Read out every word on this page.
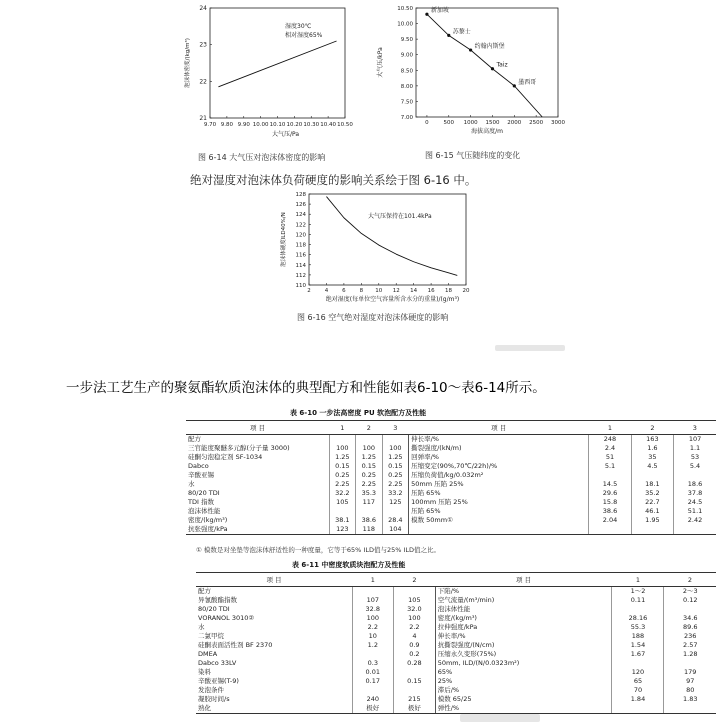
9.70 9.80 9.90 10.00 10.10 10.20 10.30 10.40 10.50
21
22
23
24
湿度30℃
相对湿度65%
大气压/Pa
泡沫体密度/(kg/m³)
图 6-14 大气压对泡沫体密度的影响
0	500 1000 1500 2000 2500 3000
7.00
7.50
8.00
8.50
9.00
9.50
10.00
10.50	新加坡
苏黎士
约翰内斯堡
Taiz
墨西哥
海拔高度/m
大气压/kPa
图 6-15 气压随纬度的变化
绝对湿度对泡沫体负荷硬度的影响关系绘于图 6-16 中。
2	4	6	8 10 12 14 16 18 20
110
112
114
116
118
120
122
124
126
128
大气压保持在101.4kPa
绝对湿度(每单位空气容量所含水分的重量)/(g/m³)
泡沫体硬度ILD40%/N
图 6-16 空气绝对湿度对泡沫体硬度的影响
一步法工艺生产的聚氨酯软质泡沫体的典型配方和性能如表6-10～表6-14所示。
表 6-10 一步法高密度 PU 软泡配方及性能
项 目	1	2	3	项 目	1	2	3
配方				伸长率/%	248	163	107
三官能度聚醚多元醇(分子量 3000)	100	100	100	撕裂强度/(kN/m)	2.4	1.6	1.1
硅酮匀泡稳定剂 SF-1034	1.25	1.25	1.25	回弹率/%	51	35	53
Dabco	0.15	0.15	0.15	压缩变定(90%,70℃/22h)/%	5.1	4.5	5.4
辛酸亚锡	0.25	0.25	0.25	压缩负荷值/kg/0.032m²			
水	2.25	2.25	2.25	50mm 压陷 25%	14.5	18.1	18.6
80/20 TDI	32.2	35.3	33.2	压陷 65%	29.6	35.2	37.8
TDI 指数	105	117	125	100mm 压陷 25%	15.8	22.7	24.5
泡沫体性能				压陷 65%	38.6	46.1	51.1
密度/(kg/m³)	38.1	38.6	28.4	模数 50mm①	2.04	1.95	2.42
抗张强度/kPa	123	118	104				
① 模数是对坐垫等泡沫体舒适性的一种度量，它等于65% ILD值与25% ILD值之比。
表 6-11 中密度软质块泡配方及性能
项 目	1	2	项 目	1	2
配方			下陷/%	1～2	2～3
异氰酸酯指数	107	105	空气流量/(m³/min)	0.11	0.12
80/20 TDI	32.8	32.0	泡沫体性能		
VORANOL 3010②	100	100	密度/(kg/m³)	28.16	34.6
水	2.2	2.2	拉伸强度/kPa	55.3	89.6
二氯甲烷	10	4	伸长率/%	188	236
硅酮表面活性剂 BF 2370	1.2	0.9	抗撕裂强度/(N/cm)	1.54	2.57
DMEA		0.2	压缩永久变形(75%)	1.67	1.28
Dabco 33LV	0.3	0.28	50mm, ILD/(N/0.0323m²)		
染料	0.01		65%	120	179
辛酸亚锡(T-9)	0.17	0.15	25%	65	97
发泡条件			滞后/%	70	80
凝胶时间/s	240	215	模数 65/25	1.84	1.83
熟化	极好	极好	弹性/%		
